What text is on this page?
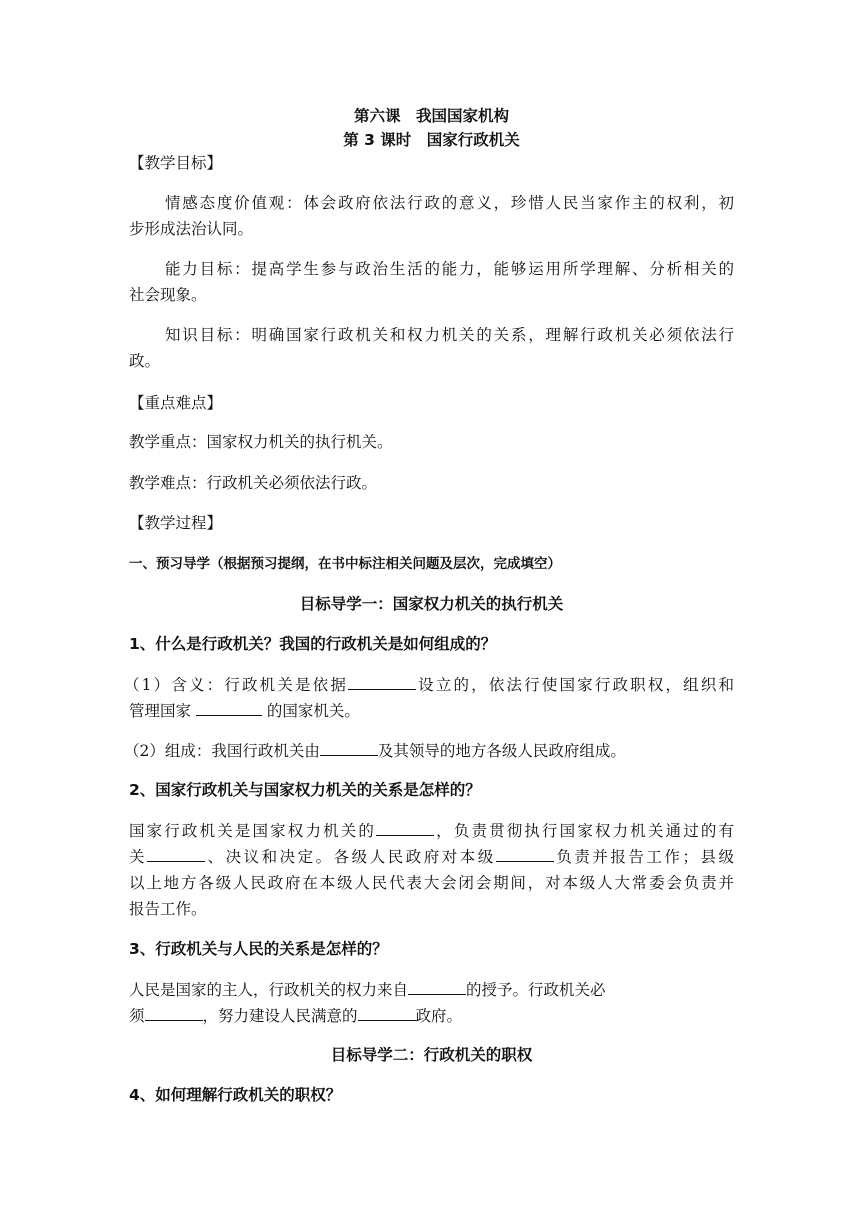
第六课　我国国家机构
第 3 课时　国家行政机关
【教学目标】
情感态度价值观：体会政府依法行政的意义，珍惜人民当家作主的权利，初
步形成法治认同。
能力目标：提高学生参与政治生活的能力，能够运用所学理解、分析相关的
社会现象。
知识目标：明确国家行政机关和权力机关的关系，理解行政机关必须依法行
政。
【重点难点】
教学重点：国家权力机关的执行机关。
教学难点：行政机关必须依法行政。
【教学过程】
一、预习导学（根据预习提纲，在书中标注相关问题及层次，完成填空）
目标导学一：国家权力机关的执行机关
1、什么是行政机关？我国的行政机关是如何组成的？
（1）含义：行政机关是依据	设立的，依法行使国家行政职权，组织和
管理国家	的国家机关。
（2）组成：我国行政机关由	及其领导的地方各级人民政府组成。
2、国家行政机关与国家权力机关的关系是怎样的？
国家行政机关是国家权力机关的	，负责贯彻执行国家权力机关通过的有
关	、决议和决定。各级人民政府对本级	负责并报告工作；县级
以上地方各级人民政府在本级人民代表大会闭会期间，对本级人大常委会负责并
报告工作。
3、行政机关与人民的关系是怎样的？
人民是国家的主人，行政机关的权力来自	的授予。行政机关必
须	，努力建设人民满意的	政府。
目标导学二：行政机关的职权
4、如何理解行政机关的职权？
